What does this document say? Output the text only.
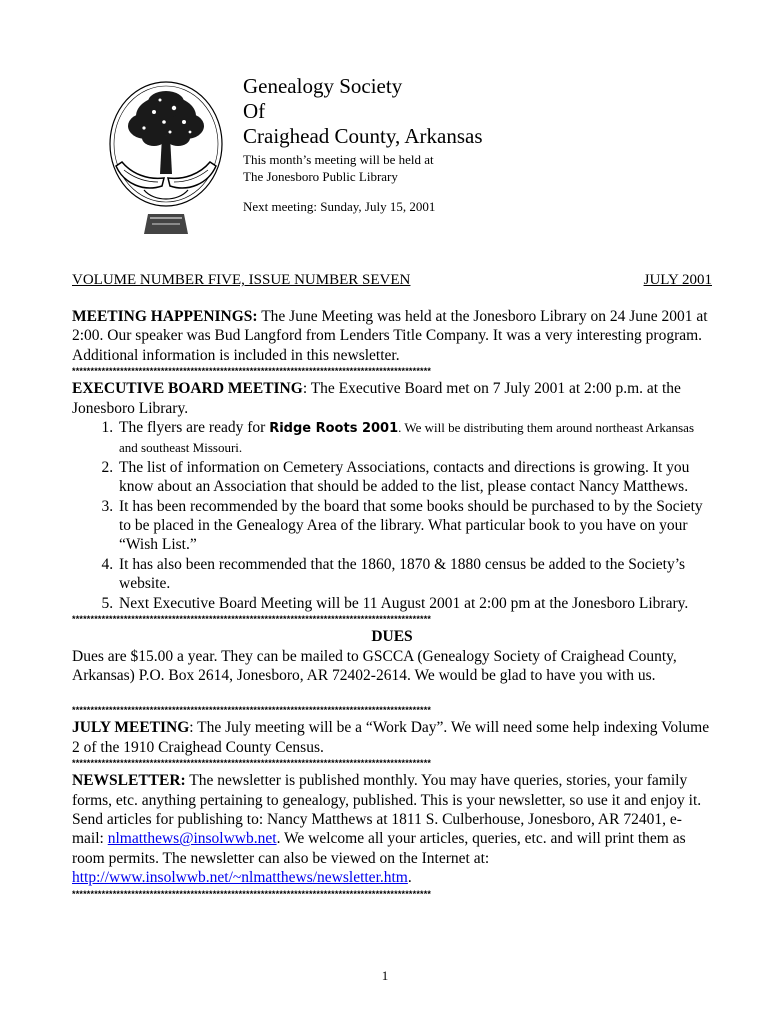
Genealogy Society
Of
Craighead County, Arkansas
This month’s meeting will be held at
The Jonesboro Public Library
Next meeting: Sunday, July 15, 2001
VOLUME NUMBER FIVE, ISSUE NUMBER SEVEN	JULY 2001

MEETING HAPPENINGS: The June Meeting was held at the Jonesboro Library on 24 June 2001 at 2:00. Our speaker was Bud Langford from Lenders Title Company. It was a very interesting program. Additional information is included in this newsletter.

*************************************************************************************************

EXECUTIVE BOARD MEETING: The Executive Board met on 7 July 2001 at 2:00 p.m. at the Jonesboro Library.

1. The flyers are ready for Ridge Roots 2001. We will be distributing them around northeast Arkansas and southeast Missouri.
2. The list of information on Cemetery Associations, contacts and directions is growing. It you know about an Association that should be added to the list, please contact Nancy Matthews.
3. It has been recommended by the board that some books should be purchased to by the Society to be placed in the Genealogy Area of the library. What particular book to you have on your “Wish List.”
4. It has also been recommended that the 1860, 1870 & 1880 census be added to the Society’s website.
5. Next Executive Board Meeting will be 11 August 2001 at 2:00 pm at the Jonesboro Library.
*************************************************************************************************
DUES

Dues are $15.00 a year. They can be mailed to GSCCA (Genealogy Society of Craighead County, Arkansas) P.O. Box 2614, Jonesboro, AR 72402-2614. We would be glad to have you with us.

*************************************************************************************************

JULY MEETING: The July meeting will be a “Work Day”. We will need some help indexing Volume 2 of the 1910 Craighead County Census.

*************************************************************************************************

NEWSLETTER: The newsletter is published monthly. You may have queries, stories, your family forms, etc. anything pertaining to genealogy, published. This is your newsletter, so use it and enjoy it. Send articles for publishing to: Nancy Matthews at 1811 S. Culberhouse, Jonesboro, AR 72401, e-mail: nlmatthews@insolwwb.net. We welcome all your articles, queries, etc. and will print them as room permits. The newsletter can also be viewed on the Internet at: http://www.insolwwb.net/~nlmatthews/newsletter.htm.

*************************************************************************************************
1
